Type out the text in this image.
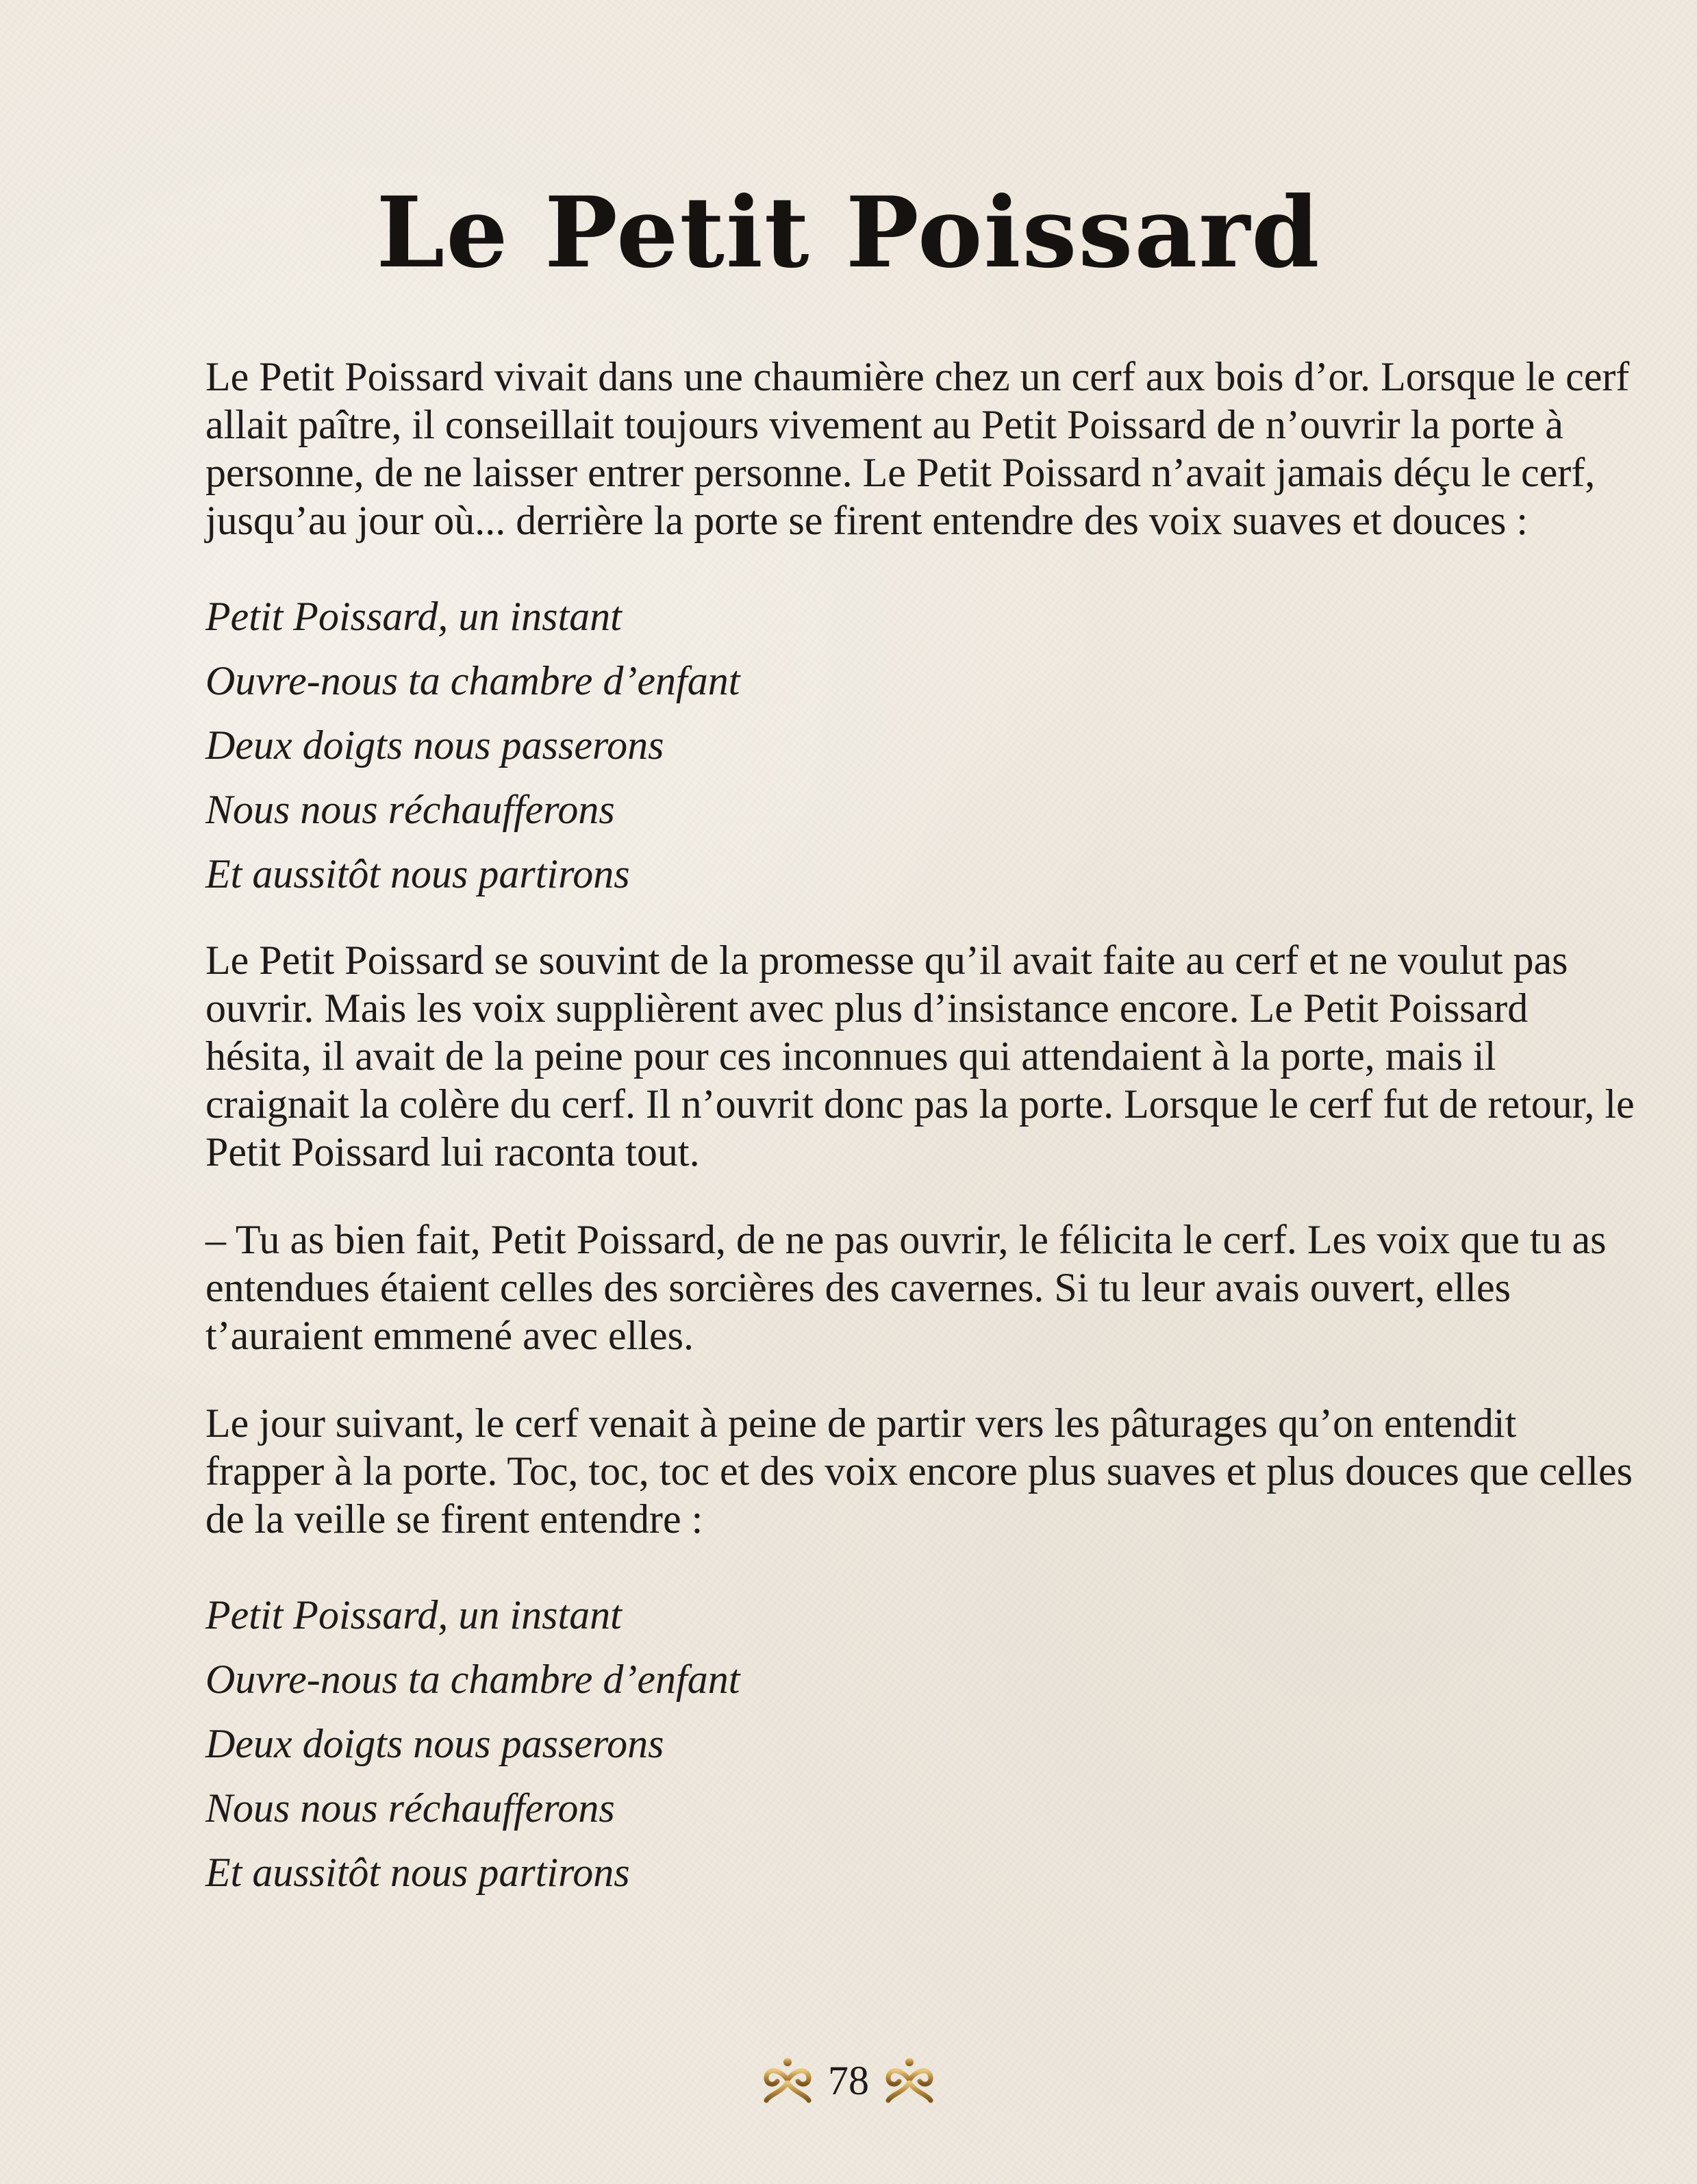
Le Petit Poissard

Le Petit Poissard vivait dans une chaumière chez un cerf aux bois d’or. Lorsque le cerf allait paître, il conseillait toujours vivement au Petit Poissard de n’ouvrir la porte à personne, de ne laisser entrer personne. Le Petit Poissard n’avait jamais déçu le cerf, jusqu’au jour où... derrière la porte se firent entendre des voix suaves et douces :

Petit Poissard, un instant
Ouvre-nous ta chambre d’enfant
Deux doigts nous passerons
Nous nous réchaufferons
Et aussitôt nous partirons

Le Petit Poissard se souvint de la promesse qu’il avait faite au cerf et ne voulut pas ouvrir. Mais les voix supplièrent avec plus d’insistance encore. Le Petit Poissard hésita, il avait de la peine pour ces inconnues qui attendaient à la porte, mais il craignait la colère du cerf. Il n’ouvrit donc pas la porte. Lorsque le cerf fut de retour, le Petit Poissard lui raconta tout.

– Tu as bien fait, Petit Poissard, de ne pas ouvrir, le félicita le cerf. Les voix que tu as entendues étaient celles des sorcières des cavernes. Si tu leur avais ouvert, elles t’auraient emmené avec elles.

Le jour suivant, le cerf venait à peine de partir vers les pâturages qu’on entendit frapper à la porte. Toc, toc, toc et des voix encore plus suaves et plus douces que celles de la veille se firent entendre :

Petit Poissard, un instant
Ouvre-nous ta chambre d’enfant
Deux doigts nous passerons
Nous nous réchaufferons
Et aussitôt nous partirons
78
